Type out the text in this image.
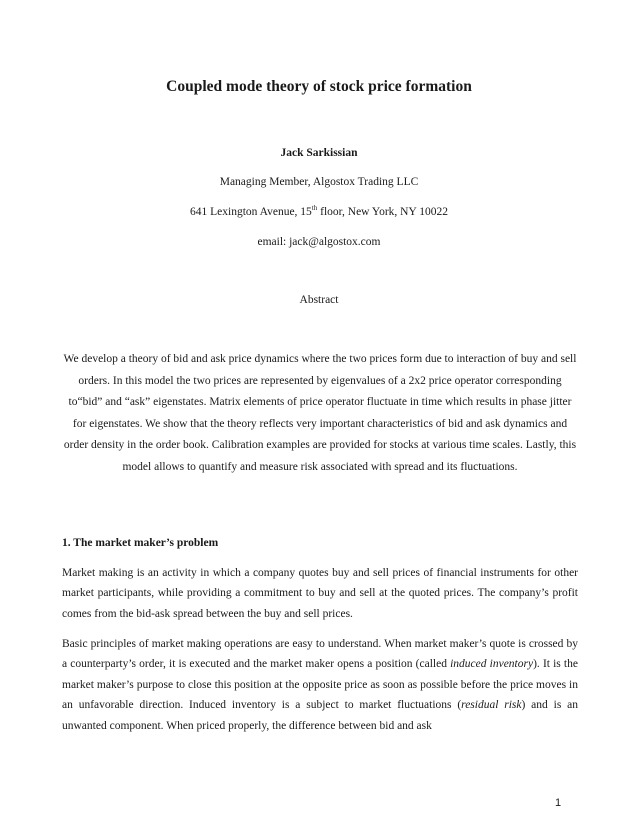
Coupled mode theory of stock price formation
Jack Sarkissian
Managing Member, Algostox Trading LLC
641 Lexington Avenue, 15th floor, New York, NY 10022
email: jack@algostox.com
Abstract
We develop a theory of bid and ask price dynamics where the two prices form due to interaction of buy and sell orders. In this model the two prices are represented by eigenvalues of a 2x2 price operator corresponding to“bid” and “ask” eigenstates. Matrix elements of price operator fluctuate in time which results in phase jitter for eigenstates. We show that the theory reflects very important characteristics of bid and ask dynamics and order density in the order book. Calibration examples are provided for stocks at various time scales. Lastly, this model allows to quantify and measure risk associated with spread and its fluctuations.
1. The market maker’s problem
Market making is an activity in which a company quotes buy and sell prices of financial instruments for other market participants, while providing a commitment to buy and sell at the quoted prices. The company’s profit comes from the bid-ask spread between the buy and sell prices.
Basic principles of market making operations are easy to understand. When market maker’s quote is crossed by a counterparty’s order, it is executed and the market maker opens a position (called induced inventory). It is the market maker’s purpose to close this position at the opposite price as soon as possible before the price moves in an unfavorable direction. Induced inventory is a subject to market fluctuations (residual risk) and is an unwanted component. When priced properly, the difference between bid and ask
1
